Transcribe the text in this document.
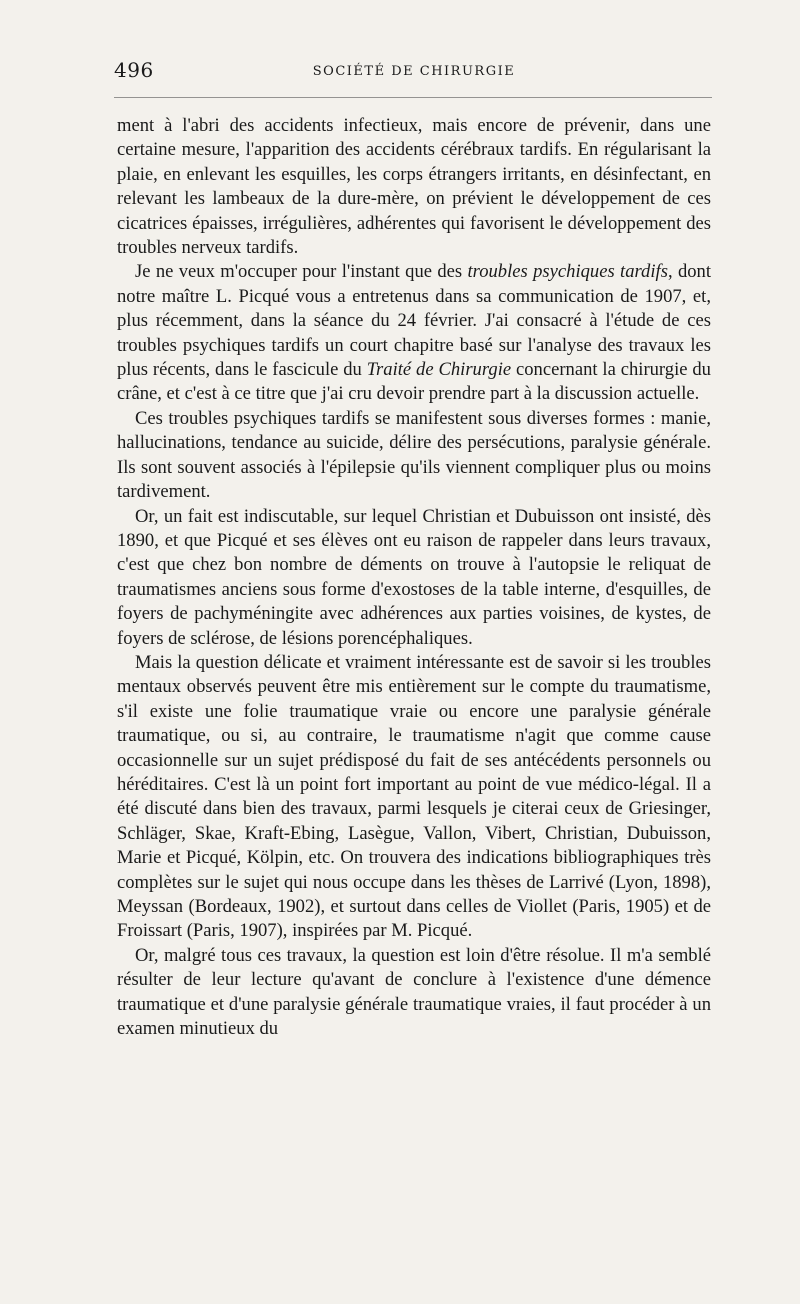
496	SOCIÉTÉ DE CHIRURGIE

ment à l'abri des accidents infectieux, mais encore de prévenir, dans une certaine mesure, l'apparition des accidents cérébraux tardifs. En régularisant la plaie, en enlevant les esquilles, les corps étrangers irritants, en désinfectant, en relevant les lambeaux de la dure-mère, on prévient le développement de ces cicatrices épaisses, irrégulières, adhérentes qui favorisent le développement des troubles nerveux tardifs.

Je ne veux m'occuper pour l'instant que des troubles psychiques tardifs, dont notre maître L. Picqué vous a entretenus dans sa communication de 1907, et, plus récemment, dans la séance du 24 février. J'ai consacré à l'étude de ces troubles psychiques tardifs un court chapitre basé sur l'analyse des travaux les plus récents, dans le fascicule du Traité de Chirurgie concernant la chirurgie du crâne, et c'est à ce titre que j'ai cru devoir prendre part à la discussion actuelle.

Ces troubles psychiques tardifs se manifestent sous diverses formes : manie, hallucinations, tendance au suicide, délire des persécutions, paralysie générale. Ils sont souvent associés à l'épilepsie qu'ils viennent compliquer plus ou moins tardivement.

Or, un fait est indiscutable, sur lequel Christian et Dubuisson ont insisté, dès 1890, et que Picqué et ses élèves ont eu raison de rappeler dans leurs travaux, c'est que chez bon nombre de déments on trouve à l'autopsie le reliquat de traumatismes anciens sous forme d'exostoses de la table interne, d'esquilles, de foyers de pachyméningite avec adhérences aux parties voisines, de kystes, de foyers de sclérose, de lésions porencéphaliques.

Mais la question délicate et vraiment intéressante est de savoir si les troubles mentaux observés peuvent être mis entièrement sur le compte du traumatisme, s'il existe une folie traumatique vraie ou encore une paralysie générale traumatique, ou si, au contraire, le traumatisme n'agit que comme cause occasionnelle sur un sujet prédisposé du fait de ses antécédents personnels ou héréditaires. C'est là un point fort important au point de vue médico-légal. Il a été discuté dans bien des travaux, parmi lesquels je citerai ceux de Griesinger, Schläger, Skae, Kraft-Ebing, Lasègue, Vallon, Vibert, Christian, Dubuisson, Marie et Picqué, Kölpin, etc. On trouvera des indications bibliographiques très complètes sur le sujet qui nous occupe dans les thèses de Larrivé (Lyon, 1898), Meyssan (Bordeaux, 1902), et surtout dans celles de Viollet (Paris, 1905) et de Froissart (Paris, 1907), inspirées par M. Picqué.

Or, malgré tous ces travaux, la question est loin d'être résolue. Il m'a semblé résulter de leur lecture qu'avant de conclure à l'existence d'une démence traumatique et d'une paralysie générale traumatique vraies, il faut procéder à un examen minutieux du
